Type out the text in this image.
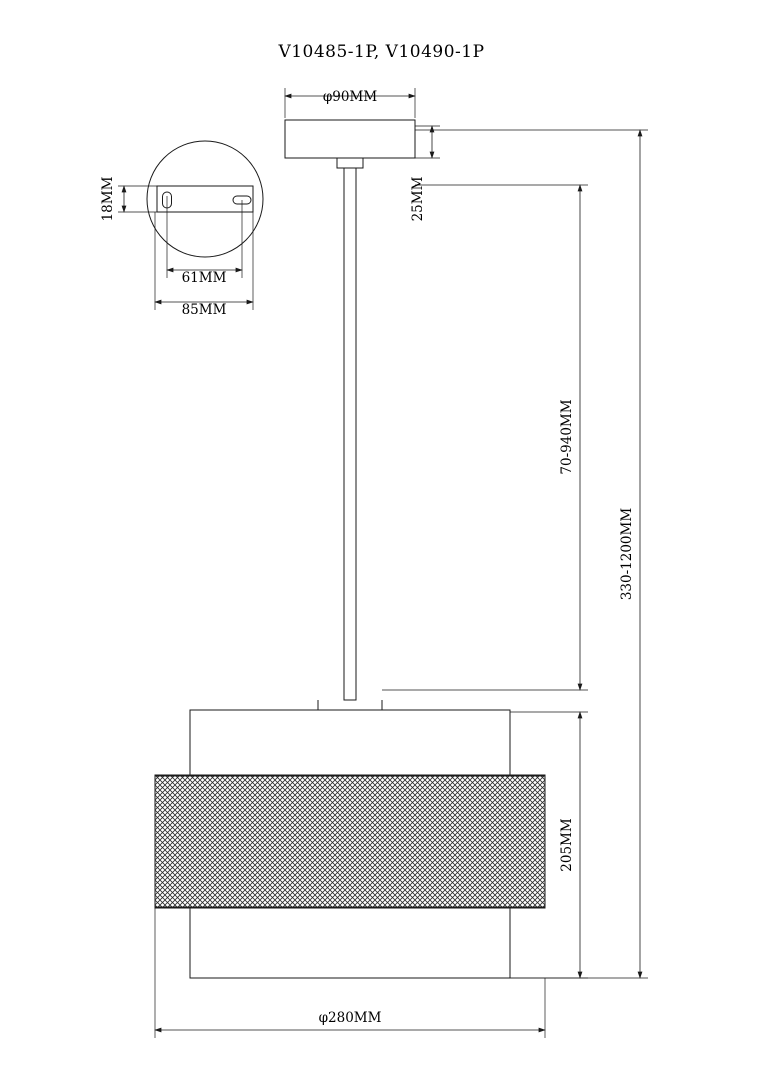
V10485-1P, V10490-1P
φ90MM
18MM	25MM
61MM
85MM
70-940MM
330-1200MM
205MM
φ280MM
